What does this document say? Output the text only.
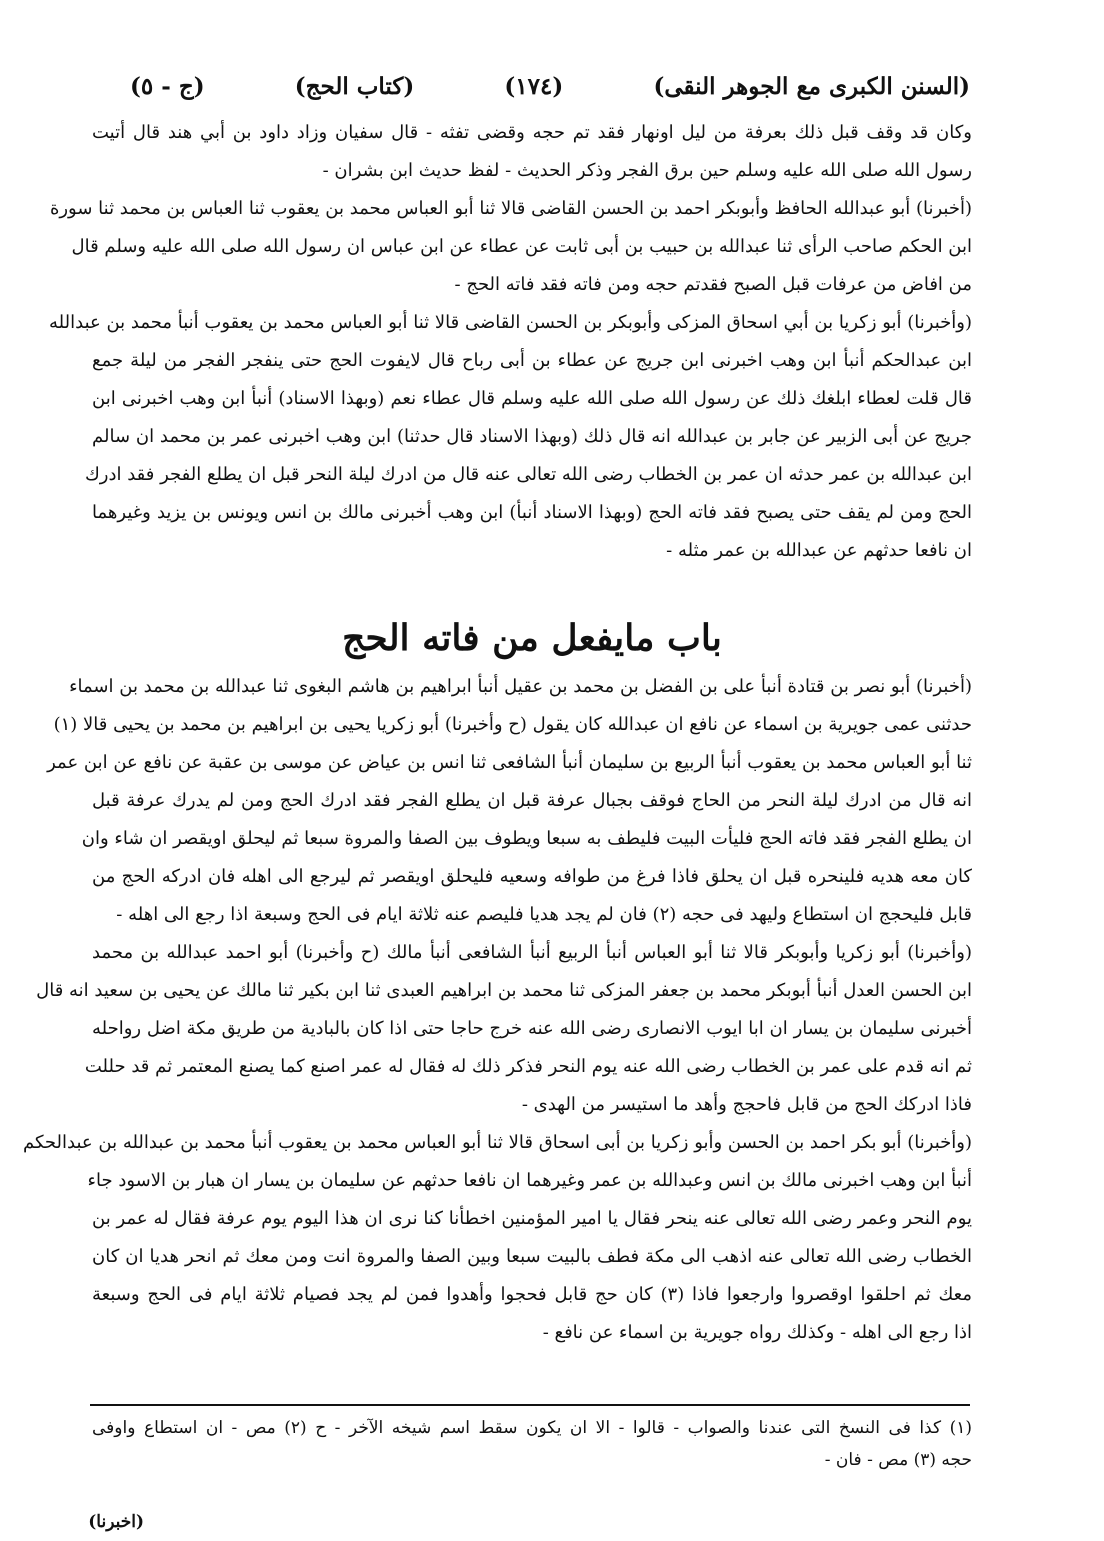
(السنن الكبرى مع الجوهر النقى)
(١٧٤)
(كتاب الحج)
(ج - ٥)
وكان قد وقف قبل ذلك بعرفة من ليل اونهار فقد تم حجه وقضى تفثه - قال سفيان وزاد داود بن أبي هند قال أتيت
رسول الله صلى الله عليه وسلم حين برق الفجر وذكر الحديث - لفظ حديث ابن بشران -
(أخبرنا) أبو عبدالله الحافظ وأبوبكر احمد بن الحسن القاضى قالا ثنا أبو العباس محمد بن يعقوب ثنا العباس بن محمد ثنا سورة
ابن الحكم صاحب الرأى ثنا عبدالله بن حبيب بن أبى ثابت عن عطاء عن ابن عباس ان رسول الله صلى الله عليه وسلم قال
من افاض من عرفات قبل الصبح فقدتم حجه ومن فاته فقد فاته الحج -
(وأخبرنا) أبو زكريا بن أبي اسحاق المزكى وأبوبكر بن الحسن القاضى قالا ثنا أبو العباس محمد بن يعقوب أنبأ محمد بن عبدالله
ابن عبدالحكم أنبأ ابن وهب اخبرنى ابن جريج عن عطاء بن أبى رباح قال لايفوت الحج حتى ينفجر الفجر من ليلة جمع
قال قلت لعطاء ابلغك ذلك عن رسول الله صلى الله عليه وسلم قال عطاء نعم (وبهذا الاسناد) أنبأ ابن وهب اخبرنى ابن
جريج عن أبى الزبير عن جابر بن عبدالله انه قال ذلك (وبهذا الاسناد قال حدثنا) ابن وهب اخبرنى عمر بن محمد ان سالم
ابن عبدالله بن عمر حدثه ان عمر بن الخطاب رضى الله تعالى عنه قال من ادرك ليلة النحر قبل ان يطلع الفجر فقد ادرك
الحج ومن لم يقف حتى يصبح فقد فاته الحج (وبهذا الاسناد أنبأ) ابن وهب أخبرنى مالك بن انس ويونس بن يزيد وغيرهما
ان نافعا حدثهم عن عبدالله بن عمر مثله -
باب مايفعل من فاته الحج
(أخبرنا) أبو نصر بن قتادة أنبأ على بن الفضل بن محمد بن عقيل أنبأ ابراهيم بن هاشم البغوى ثنا عبدالله بن محمد بن اسماء
حدثنى عمى جويرية بن اسماء عن نافع ان عبدالله كان يقول (ح وأخبرنا) أبو زكريا يحيى بن ابراهيم بن محمد بن يحيى قالا (١)
ثنا أبو العباس محمد بن يعقوب أنبأ الربيع بن سليمان أنبأ الشافعى ثنا انس بن عياض عن موسى بن عقبة عن نافع عن ابن عمر
انه قال من ادرك ليلة النحر من الحاج فوقف بجبال عرفة قبل ان يطلع الفجر فقد ادرك الحج ومن لم يدرك عرفة قبل
ان يطلع الفجر فقد فاته الحج فليأت البيت فليطف به سبعا ويطوف بين الصفا والمروة سبعا ثم ليحلق اويقصر ان شاء وان
كان معه هديه فلينحره قبل ان يحلق فاذا فرغ من طوافه وسعيه فليحلق اويقصر ثم ليرجع الى اهله فان ادركه الحج من
قابل فليحجج ان استطاع وليهد فى حجه (٢) فان لم يجد هديا فليصم عنه ثلاثة ايام فى الحج وسبعة اذا رجع الى اهله -
(وأخبرنا) أبو زكريا وأبوبكر قالا ثنا أبو العباس أنبأ الربيع أنبأ الشافعى أنبأ مالك (ح وأخبرنا) أبو احمد عبدالله بن محمد
ابن الحسن العدل أنبأ أبوبكر محمد بن جعفر المزكى ثنا محمد بن ابراهيم العبدى ثنا ابن بكير ثنا مالك عن يحيى بن سعيد انه قال
أخبرنى سليمان بن يسار ان ابا ايوب الانصارى رضى الله عنه خرج حاجا حتى اذا كان بالبادية من طريق مكة اضل رواحله
ثم انه قدم على عمر بن الخطاب رضى الله عنه يوم النحر فذكر ذلك له فقال له عمر اصنع كما يصنع المعتمر ثم قد حللت
فاذا ادركك الحج من قابل فاحجج وأهد ما استيسر من الهدى -
(وأخبرنا) أبو بكر احمد بن الحسن وأبو زكريا بن أبى اسحاق قالا ثنا أبو العباس محمد بن يعقوب أنبأ محمد بن عبدالله بن عبدالحكم
أنبأ ابن وهب اخبرنى مالك بن انس وعبدالله بن عمر وغيرهما ان نافعا حدثهم عن سليمان بن يسار ان هبار بن الاسود جاء
يوم النحر وعمر رضى الله تعالى عنه ينحر فقال يا امير المؤمنين اخطأنا كنا نرى ان هذا اليوم يوم عرفة فقال له عمر بن
الخطاب رضى الله تعالى عنه اذهب الى مكة فطف بالبيت سبعا وبين الصفا والمروة انت ومن معك ثم انحر هديا ان كان
معك ثم احلقوا اوقصروا وارجعوا فاذا (٣) كان حج قابل فحجوا وأهدوا فمن لم يجد فصيام ثلاثة ايام فى الحج وسبعة
اذا رجع الى اهله - وكذلك رواه جويرية بن اسماء عن نافع -
(١) كذا فى النسخ التى عندنا والصواب - قالوا - الا ان يكون سقط اسم شيخه الآخر - ح (٢) مص - ان استطاع واوفى
حجه (٣) مص - فان -
(اخبرنا)
